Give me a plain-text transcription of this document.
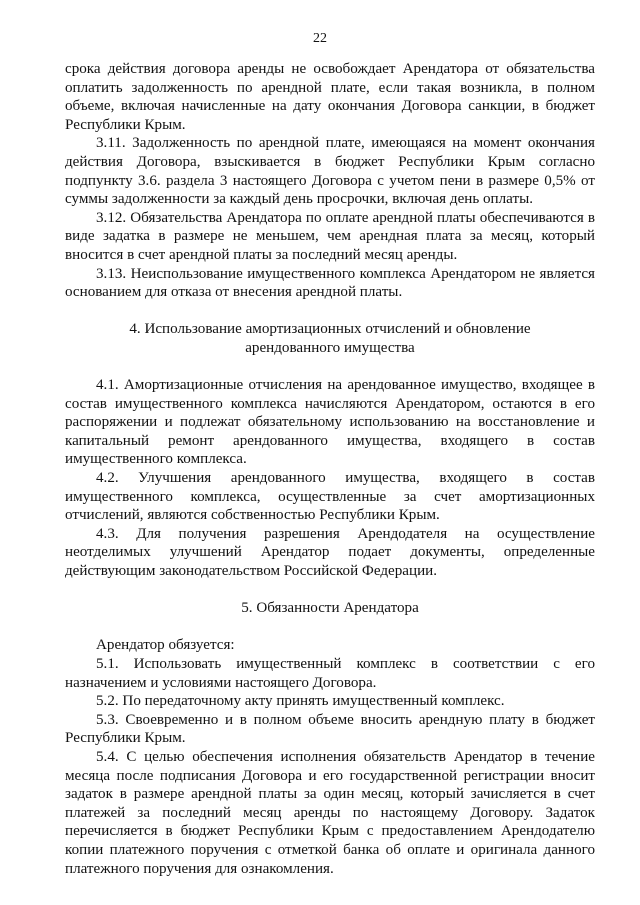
22

срока действия договора аренды не освобождает Арендатора от обязательства оплатить задолженность по арендной плате, если такая возникла, в полном объеме, включая начисленные на дату окончания Договора санкции, в бюджет Республики Крым.

3.11. Задолженность по арендной плате, имеющаяся на момент окончания действия Договора, взыскивается в бюджет Республики Крым согласно подпункту 3.6. раздела 3 настоящего Договора с учетом пени в размере 0,5% от суммы задолженности за каждый день просрочки, включая день оплаты.

3.12. Обязательства Арендатора по оплате арендной платы обеспечиваются в виде задатка в размере не меньшем, чем арендная плата за месяц, который вносится в счет арендной платы за последний месяц аренды.

3.13. Неиспользование имущественного комплекса Арендатором не является основанием для отказа от внесения арендной платы.

4. Использование амортизационных отчислений и обновление

арендованного имущества

4.1. Амортизационные отчисления на арендованное имущество, входящее в состав имущественного комплекса начисляются Арендатором, остаются в его распоряжении и подлежат обязательному использованию на восстановление и капитальный ремонт арендованного имущества, входящего в состав имущественного комплекса.

4.2. Улучшения арендованного имущества, входящего в состав имущественного комплекса, осуществленные за счет амортизационных отчислений, являются собственностью Республики Крым.

4.3. Для получения разрешения Арендодателя на осуществление неотделимых улучшений Арендатор подает документы, определенные действующим законодательством Российской Федерации.

5. Обязанности Арендатора

Арендатор обязуется:

5.1. Использовать имущественный комплекс в соответствии с его назначением и условиями настоящего Договора.

5.2. По передаточному акту принять имущественный комплекс.

5.3. Своевременно и в полном объеме вносить арендную плату в бюджет Республики Крым.

5.4. С целью обеспечения исполнения обязательств Арендатор в течение месяца после подписания Договора и его государственной регистрации вносит задаток в размере арендной платы за один месяц, который зачисляется в счет платежей за последний месяц аренды по настоящему Договору. Задаток перечисляется в бюджет Республики Крым с предоставлением Арендодателю копии платежного поручения с отметкой банка об оплате и оригинала данного платежного поручения для ознакомления.
